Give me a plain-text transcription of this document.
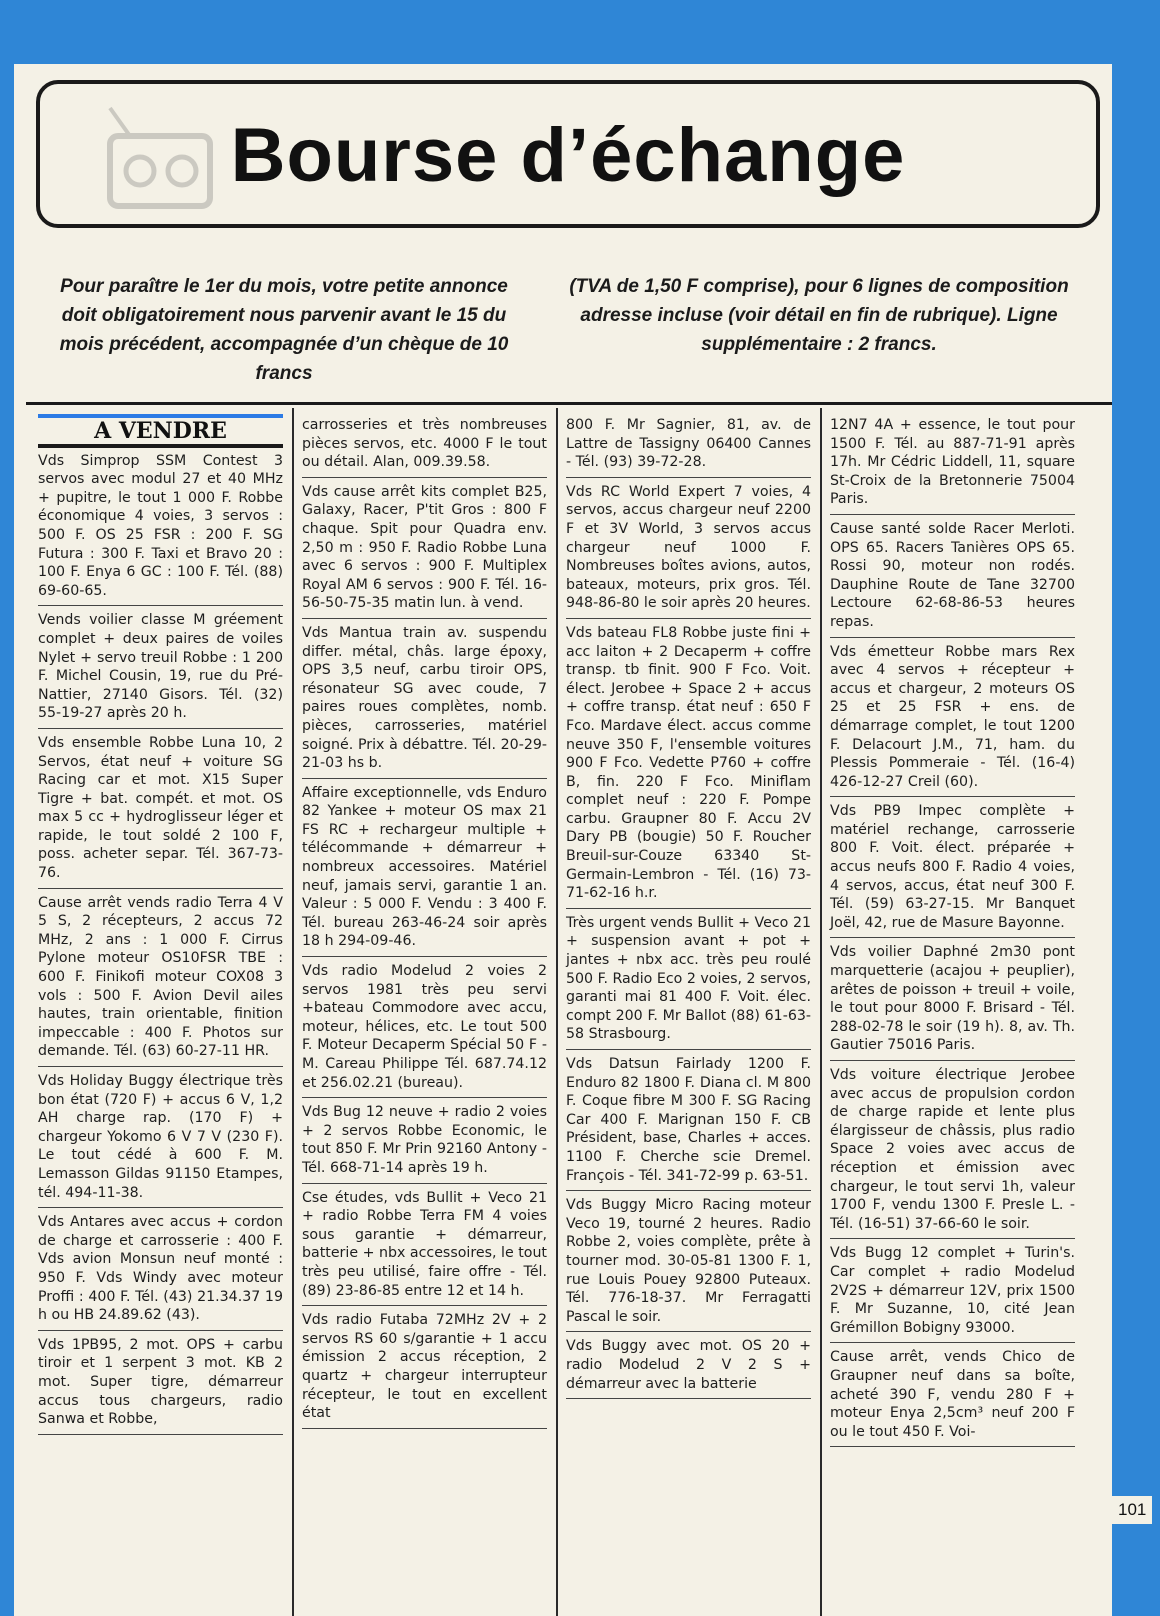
Bourse d’échange
Pour paraître le 1er du mois, votre petite annonce doit obligatoirement nous parvenir avant le 15 du mois précédent, accompagnée d’un chèque de 10 francs
(TVA de 1,50 F comprise), pour 6 lignes de composition adresse incluse (voir détail en fin de rubrique). Ligne supplémentaire : 2 francs.
A VENDRE
Vds Simprop SSM Contest 3 servos avec modul 27 et 40 MHz + pupitre, le tout 1 000 F. Robbe économique 4 voies, 3 servos : 500 F. OS 25 FSR : 200 F. SG Futura : 300 F. Taxi et Bravo 20 : 100 F. Enya 6 GC : 100 F. Tél. (88) 69-60-65.
Vends voilier classe M gréement complet + deux paires de voiles Nylet + servo treuil Robbe : 1 200 F. Michel Cousin, 19, rue du Pré-Nattier, 27140 Gisors. Tél. (32) 55-19-27 après 20 h.
Vds ensemble Robbe Luna 10, 2 Servos, état neuf + voiture SG Racing car et mot. X15 Super Tigre + bat. compét. et mot. OS max 5 cc + hydroglisseur léger et rapide, le tout soldé 2 100 F, poss. acheter separ. Tél. 367-73-76.
Cause arrêt vends radio Terra 4 V 5 S, 2 récepteurs, 2 accus 72 MHz, 2 ans : 1 000 F. Cirrus Pylone moteur OS10FSR TBE : 600 F. Finikofi moteur COX08 3 vols : 500 F. Avion Devil ailes hautes, train orientable, finition impeccable : 400 F. Photos sur demande. Tél. (63) 60-27-11 HR.
Vds Holiday Buggy électrique très bon état (720 F) + accus 6 V, 1,2 AH charge rap. (170 F) + chargeur Yokomo 6 V 7 V (230 F). Le tout cédé à 600 F. M. Lemasson Gildas 91150 Etampes, tél. 494-11-38.
Vds Antares avec accus + cordon de charge et carrosserie : 400 F. Vds avion Monsun neuf monté : 950 F. Vds Windy avec moteur Proffi : 400 F. Tél. (43) 21.34.37 19 h ou HB 24.89.62 (43).
Vds 1PB95, 2 mot. OPS + carbu tiroir et 1 serpent 3 mot. KB 2 mot. Super tigre, démarreur accus tous chargeurs, radio Sanwa et Robbe,
carrosseries et très nombreuses pièces servos, etc. 4000 F le tout ou détail. Alan, 009.39.58.
Vds cause arrêt kits complet B25, Galaxy, Racer, P'tit Gros : 800 F chaque. Spit pour Quadra env. 2,50 m : 950 F. Radio Robbe Luna avec 6 servos : 900 F. Multiplex Royal AM 6 servos : 900 F. Tél. 16-56-50-75-35 matin lun. à vend.
Vds Mantua train av. suspendu differ. métal, châs. large époxy, OPS 3,5 neuf, carbu tiroir OPS, résonateur SG avec coude, 7 paires roues complètes, nomb. pièces, carrosseries, matériel soigné. Prix à débattre. Tél. 20-29-21-03 hs b.
Affaire exceptionnelle, vds Enduro 82 Yankee + moteur OS max 21 FS RC + rechargeur multiple + télécommande + démarreur + nombreux accessoires. Matériel neuf, jamais servi, garantie 1 an. Valeur : 5 000 F. Vendu : 3 400 F. Tél. bureau 263-46-24 soir après 18 h 294-09-46.
Vds radio Modelud 2 voies 2 servos 1981 très peu servi +bateau Commodore avec accu, moteur, hélices, etc. Le tout 500 F. Moteur Decaperm Spécial 50 F - M. Careau Philippe Tél. 687.74.12 et 256.02.21 (bureau).
Vds Bug 12 neuve + radio 2 voies + 2 servos Robbe Economic, le tout 850 F. Mr Prin 92160 Antony - Tél. 668-71-14 après 19 h.
Cse études, vds Bullit + Veco 21 + radio Robbe Terra FM 4 voies sous garantie + démarreur, batterie + nbx accessoires, le tout très peu utilisé, faire offre - Tél. (89) 23-86-85 entre 12 et 14 h.
Vds radio Futaba 72MHz 2V + 2 servos RS 60 s/garantie + 1 accu émission 2 accus réception, 2 quartz + chargeur interrupteur récepteur, le tout en excellent état
800 F. Mr Sagnier, 81, av. de Lattre de Tassigny 06400 Cannes - Tél. (93) 39-72-28.
Vds RC World Expert 7 voies, 4 servos, accus chargeur neuf 2200 F et 3V World, 3 servos accus chargeur neuf 1000 F. Nombreuses boîtes avions, autos, bateaux, moteurs, prix gros. Tél. 948-86-80 le soir après 20 heures.
Vds bateau FL8 Robbe juste fini + acc laiton + 2 Decaperm + coffre transp. tb finit. 900 F Fco. Voit. élect. Jerobee + Space 2 + accus + coffre transp. état neuf : 650 F Fco. Mardave élect. accus comme neuve 350 F, l'ensemble voitures 900 F Fco. Vedette P760 + coffre B, fin. 220 F Fco. Miniflam complet neuf : 220 F. Pompe carbu. Graupner 80 F. Accu 2V Dary PB (bougie) 50 F. Roucher Breuil-sur-Couze 63340 St-Germain-Lembron - Tél. (16) 73-71-62-16 h.r.
Très urgent vends Bullit + Veco 21 + suspension avant + pot + jantes + nbx acc. très peu roulé 500 F. Radio Eco 2 voies, 2 servos, garanti mai 81 400 F. Voit. élec. compt 200 F. Mr Ballot (88) 61-63-58 Strasbourg.
Vds Datsun Fairlady 1200 F. Enduro 82 1800 F. Diana cl. M 800 F. Coque fibre M 300 F. SG Racing Car 400 F. Marignan 150 F. CB Président, base, Charles + acces. 1100 F. Cherche scie Dremel. François - Tél. 341-72-99 p. 63-51.
Vds Buggy Micro Racing moteur Veco 19, tourné 2 heures. Radio Robbe 2, voies complète, prête à tourner mod. 30-05-81 1300 F. 1, rue Louis Pouey 92800 Puteaux. Tél. 776-18-37. Mr Ferragatti Pascal le soir.
Vds Buggy avec mot. OS 20 + radio Modelud 2 V 2 S + démarreur avec la batterie
12N7 4A + essence, le tout pour 1500 F. Tél. au 887-71-91 après 17h. Mr Cédric Liddell, 11, square St-Croix de la Bretonnerie 75004 Paris.
Cause santé solde Racer Merloti. OPS 65. Racers Tanières OPS 65. Rossi 90, moteur non rodés. Dauphine Route de Tane 32700 Lectoure 62-68-86-53 heures repas.
Vds émetteur Robbe mars Rex avec 4 servos + récepteur + accus et chargeur, 2 moteurs OS 25 et 25 FSR + ens. de démarrage complet, le tout 1200 F. Delacourt J.M., 71, ham. du Plessis Pommeraie - Tél. (16-4) 426-12-27 Creil (60).
Vds PB9 Impec complète + matériel rechange, carrosserie 800 F. Voit. élect. préparée + accus neufs 800 F. Radio 4 voies, 4 servos, accus, état neuf 300 F. Tél. (59) 63-27-15. Mr Banquet Joël, 42, rue de Masure Bayonne.
Vds voilier Daphné 2m30 pont marquetterie (acajou + peuplier), arêtes de poisson + treuil + voile, le tout pour 8000 F. Brisard - Tél. 288-02-78 le soir (19 h). 8, av. Th. Gautier 75016 Paris.
Vds voiture électrique Jerobee avec accus de propulsion cordon de charge rapide et lente plus élargisseur de châssis, plus radio Space 2 voies avec accus de réception et émission avec chargeur, le tout servi 1h, valeur 1700 F, vendu 1300 F. Presle L. - Tél. (16-51) 37-66-60 le soir.
Vds Bugg 12 complet + Turin's. Car complet + radio Modelud 2V2S + démarreur 12V, prix 1500 F. Mr Suzanne, 10, cité Jean Grémillon Bobigny 93000.
Cause arrêt, vends Chico de Graupner neuf dans sa boîte, acheté 390 F, vendu 280 F + moteur Enya 2,5cm³ neuf 200 F ou le tout 450 F. Voi-
101
